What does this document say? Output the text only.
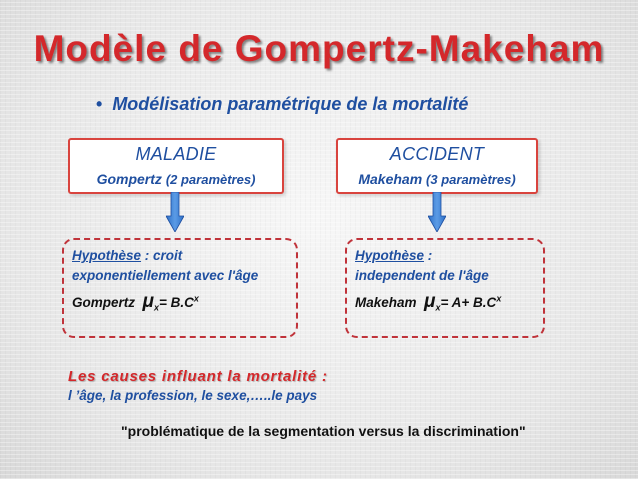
Modèle de Gompertz-Makeham
• Modélisation paramétrique de la mortalité
MALADIE
Gompertz (2 paramètres)
ACCIDENT
Makeham (3 paramètres)
Hypothèse : croit
exponentiellement avec l'âge
Gompertz $\mu_x= B.C^x$
Hypothèse :
independent de l'âge
Makeham $\mu_x= A+ B.C^x$
Les causes influant la mortalité :
l ’âge, la profession, le sexe,…..le pays
"problématique de la segmentation versus la discrimination"
